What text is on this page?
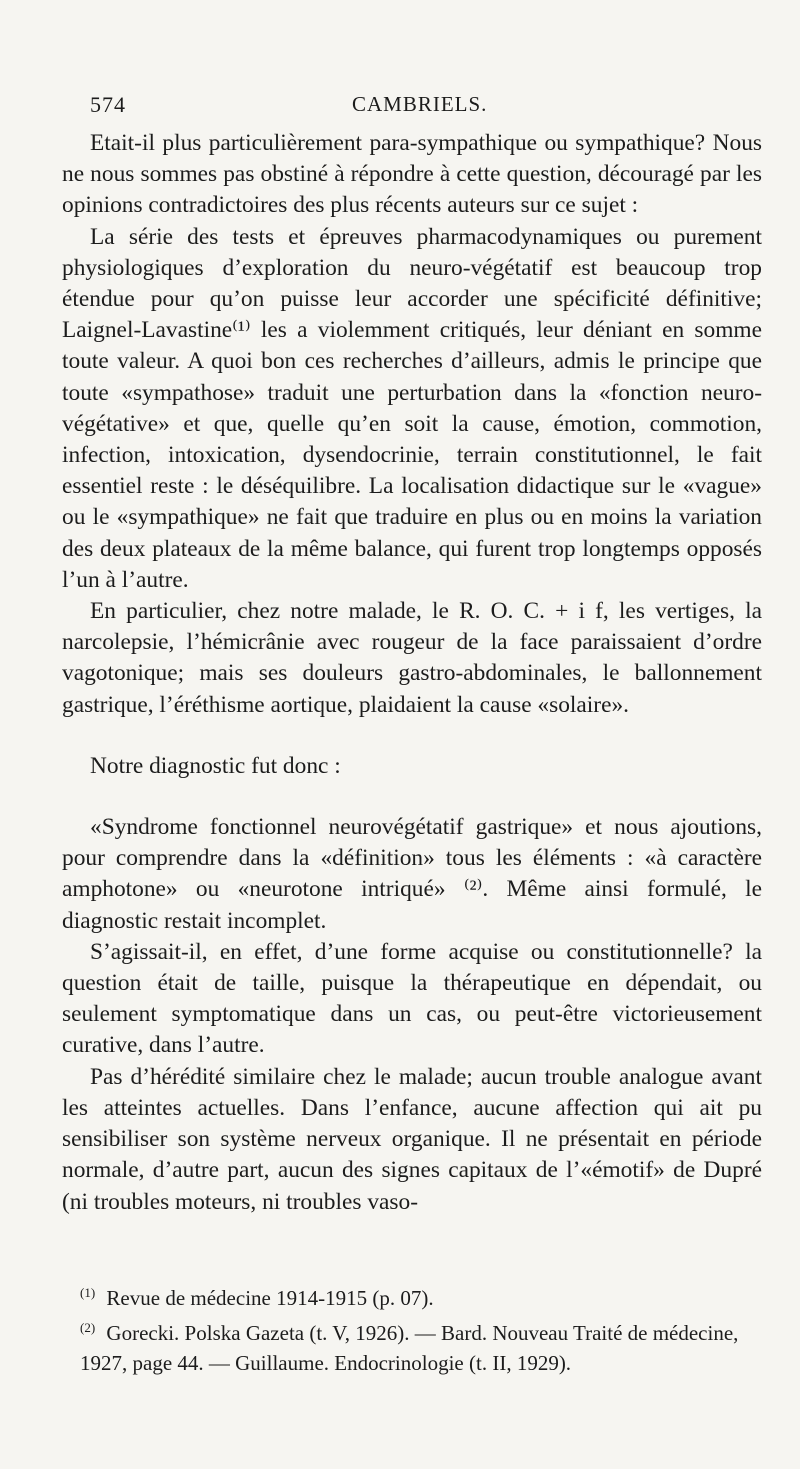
574	CAMBRIELS.

Etait-il plus particulièrement para-sympathique ou sympathique? Nous ne nous sommes pas obstiné à répondre à cette question, découragé par les opinions contradictoires des plus récents auteurs sur ce sujet :

La série des tests et épreuves pharmacodynamiques ou purement physiologiques d’exploration du neuro-végétatif est beaucoup trop étendue pour qu’on puisse leur accorder une spécificité définitive; Laignel-Lavastine⁽¹⁾ les a violemment critiqués, leur déniant en somme toute valeur. A quoi bon ces recherches d’ailleurs, admis le principe que toute «sympathose» traduit une perturbation dans la «fonction neuro-végétative» et que, quelle qu’en soit la cause, émotion, commotion, infection, intoxication, dysendocrinie, terrain constitutionnel, le fait essentiel reste : le déséquilibre. La localisation didactique sur le «vague» ou le «sympathique» ne fait que traduire en plus ou en moins la variation des deux plateaux de la même balance, qui furent trop longtemps opposés l’un à l’autre.

En particulier, chez notre malade, le R. O. C. + i f, les vertiges, la narcolepsie, l’hémicrânie avec rougeur de la face paraissaient d’ordre vagotonique; mais ses douleurs gastro-abdominales, le ballonnement gastrique, l’éréthisme aortique, plaidaient la cause «solaire».

Notre diagnostic fut donc :

«Syndrome fonctionnel neurovégétatif gastrique» et nous ajoutions, pour comprendre dans la «définition» tous les éléments : «à caractère amphotone» ou «neurotone intriqué» ⁽²⁾. Même ainsi formulé, le diagnostic restait incomplet.

S’agissait-il, en effet, d’une forme acquise ou constitutionnelle? la question était de taille, puisque la thérapeutique en dépendait, ou seulement symptomatique dans un cas, ou peut-être victorieusement curative, dans l’autre.

Pas d’hérédité similaire chez le malade; aucun trouble analogue avant les atteintes actuelles. Dans l’enfance, aucune affection qui ait pu sensibiliser son système nerveux organique. Il ne présentait en période normale, d’autre part, aucun des signes capitaux de l’«émotif» de Dupré (ni troubles moteurs, ni troubles vaso-

$^{(1)}$ Revue de médecine 1914-1915 (p. 07).

$^{(2)}$ Gorecki. Polska Gazeta (t. V, 1926). — Bard. Nouveau Traité de médecine, 1927, page 44. — Guillaume. Endocrinologie (t. II, 1929).
